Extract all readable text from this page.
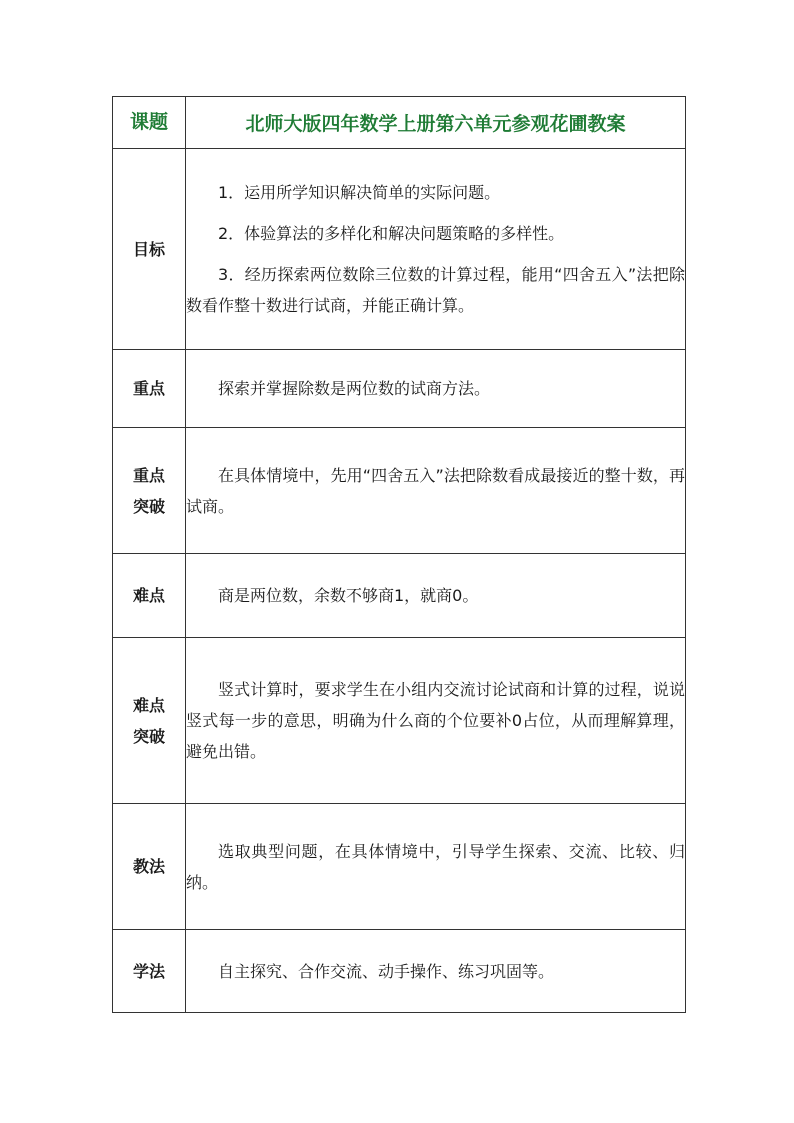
课题	北师大版四年数学上册第六单元参观花圃教案
目标	1．运用所学知识解决简单的实际问题。

2．体验算法的多样化和解决问题策略的多样性。

3．经历探索两位数除三位数的计算过程，能用“四舍五入”法把除数看作整十数进行试商，并能正确计算。

重点	探索并掌握除数是两位数的试商方法。

重点
突破	在具体情境中，先用“四舍五入”法把除数看成最接近的整十数，再试商。

难点	商是两位数，余数不够商1，就商0。

难点
突破	竖式计算时，要求学生在小组内交流讨论试商和计算的过程，说说竖式每一步的意思，明确为什么商的个位要补0占位，从而理解算理，避免出错。

教法	选取典型问题，在具体情境中，引导学生探索、交流、比较、归纳。

学法	自主探究、合作交流、动手操作、练习巩固等。
